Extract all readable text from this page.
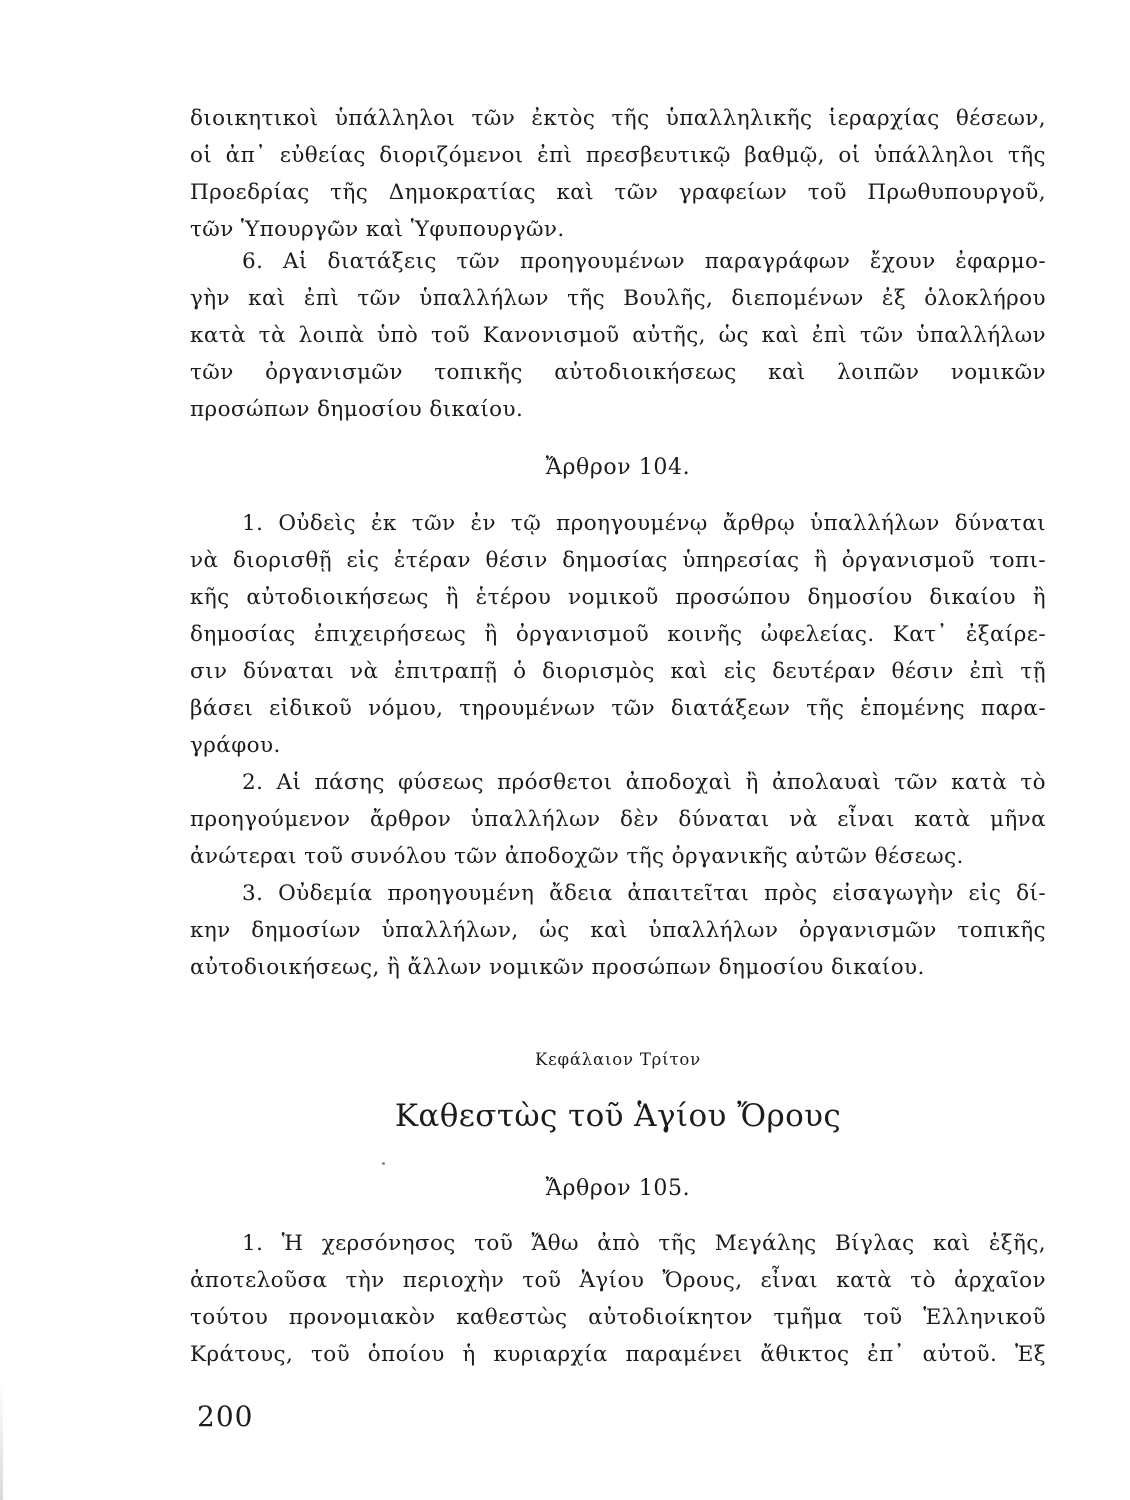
διοικητικοὶ ὑπάλληλοι τῶν ἐκτὸς τῆς ὑπαλληλικῆς ἱεραρχίας θέσεων,
οἱ ἀπ᾿ εὐθείας διοριζόμενοι ἐπὶ πρεσβευτικῷ βαθμῷ, οἱ ὑπάλληλοι τῆς
Προεδρίας τῆς Δημοκρατίας καὶ τῶν γραφείων τοῦ Πρωθυπουργοῦ,
τῶν Ὑπουργῶν καὶ Ὑφυπουργῶν.
6. Αἱ διατάξεις τῶν προηγουμένων παραγράφων ἔχουν ἐφαρμο-
γὴν καὶ ἐπὶ τῶν ὑπαλλήλων τῆς Βουλῆς, διεπομένων ἐξ ὁλοκλήρου
κατὰ τὰ λοιπὰ ὑπὸ τοῦ Κανονισμοῦ αὐτῆς, ὡς καὶ ἐπὶ τῶν ὑπαλλήλων
τῶν ὀργανισμῶν τοπικῆς αὐτοδιοικήσεως καὶ λοιπῶν νομικῶν
προσώπων δημοσίου δικαίου.
Ἄρθρον 104.
1. Οὐδεὶς ἐκ τῶν ἐν τῷ προηγουμένῳ ἄρθρῳ ὑπαλλήλων δύναται
νὰ διορισθῇ εἰς ἑτέραν θέσιν δημοσίας ὑπηρεσίας ἢ ὀργανισμοῦ τοπι-
κῆς αὐτοδιοικήσεως ἢ ἑτέρου νομικοῦ προσώπου δημοσίου δικαίου ἢ
δημοσίας ἐπιχειρήσεως ἢ ὀργανισμοῦ κοινῆς ὠφελείας. Κατ᾿ ἐξαίρε-
σιν δύναται νὰ ἐπιτραπῇ ὁ διορισμὸς καὶ εἰς δευτέραν θέσιν ἐπὶ τῇ
βάσει εἰδικοῦ νόμου, τηρουμένων τῶν διατάξεων τῆς ἑπομένης παρα-
γράφου.
2. Αἱ πάσης φύσεως πρόσθετοι ἀποδοχαὶ ἢ ἀπολαυαὶ τῶν κατὰ τὸ
προηγούμενον ἄρθρον ὑπαλλήλων δὲν δύναται νὰ εἶναι κατὰ μῆνα
ἀνώτεραι τοῦ συνόλου τῶν ἀποδοχῶν τῆς ὀργανικῆς αὐτῶν θέσεως.
3. Οὐδεμία προηγουμένη ἄδεια ἀπαιτεῖται πρὸς εἰσαγωγὴν εἰς δί-
κην δημοσίων ὑπαλλήλων, ὡς καὶ ὑπαλλήλων ὀργανισμῶν τοπικῆς
αὐτοδιοικήσεως, ἢ ἄλλων νομικῶν προσώπων δημοσίου δικαίου.
Κεφάλαιον Τρίτον
Καθεστὼς τοῦ Ἁγίου Ὄρους
Ἄρθρον 105.
1. Ἡ χερσόνησος τοῦ Ἄθω ἀπὸ τῆς Μεγάλης Βίγλας καὶ ἐξῆς,
ἀποτελοῦσα τὴν περιοχὴν τοῦ Ἁγίου Ὄρους, εἶναι κατὰ τὸ ἀρχαῖον
τούτου προνομιακὸν καθεστὼς αὐτοδιοίκητον τμῆμα τοῦ Ἑλληνικοῦ
Κράτους, τοῦ ὁποίου ἡ κυριαρχία παραμένει ἄθικτος ἐπ᾿ αὐτοῦ. Ἐξ
200
